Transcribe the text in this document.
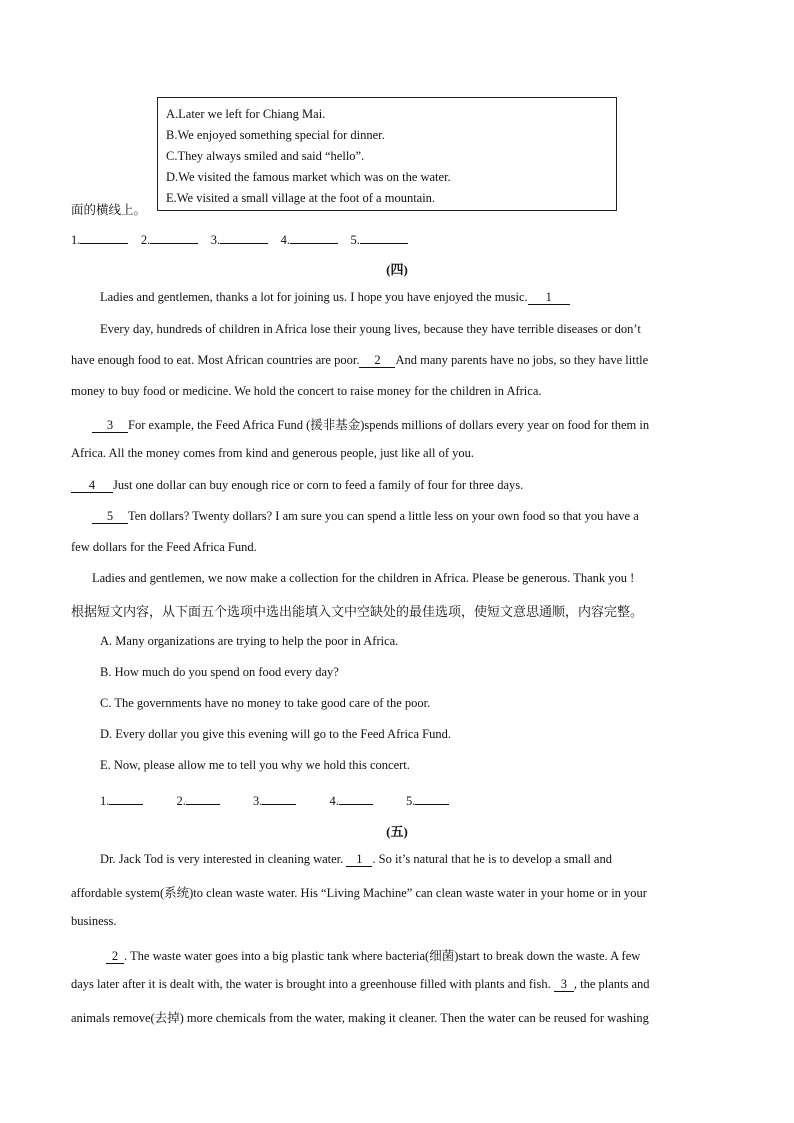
A.Later we left for Chiang Mai.
B.We enjoyed something special for dinner.
C.They always smiled and said “hello”.
D.We visited the famous market which was on the water.
E.We visited a small village at the foot of a mountain.
面的横线上。
1.	2.	3.	4.	5.
(四)
Ladies and gentlemen, thanks a lot for joining us. I hope you have enjoyed the music. 1
Every day, hundreds of children in Africa lose their young lives, because they have terrible diseases or don’t
have enough food to eat. Most African countries are poor. 2 And many parents have no jobs, so they have little
money to buy food or medicine. We hold the concert to raise money for the children in Africa.
3 For example, the Feed Africa Fund (援非基金)spends millions of dollars every year on food for them in
Africa. All the money comes from kind and generous people, just like all of you.
4 Just one dollar can buy enough rice or corn to feed a family of four for three days.
5 Ten dollars? Twenty dollars? I am sure you can spend a little less on your own food so that you have a
few dollars for the Feed Africa Fund.
Ladies and gentlemen, we now make a collection for the children in Africa. Please be generous. Thank you !
根据短文内容，从下面五个选项中选出能填入文中空缺处的最佳选项，使短文意思通顺，内容完整。
A. Many organizations are trying to help the poor in Africa.
B. How much do you spend on food every day?
C. The governments have no money to take good care of the poor.
D. Every dollar you give this evening will go to the Feed Africa Fund.
E. Now, please allow me to tell you why we hold this concert.
1.	2.	3.	4.	5.
(五)
Dr. Jack Tod is very interested in cleaning water. 1 . So it’s natural that he is to develop a small and
affordable system(系统)to clean waste water. His “Living Machine” can clean waste water in your home or in your
business.
2 . The waste water goes into a big plastic tank where bacteria(细菌)start to break down the waste. A few
days later after it is dealt with, the water is brought into a greenhouse filled with plants and fish. 3 , the plants and
animals remove(去掉) more chemicals from the water, making it cleaner. Then the water can be reused for washing
